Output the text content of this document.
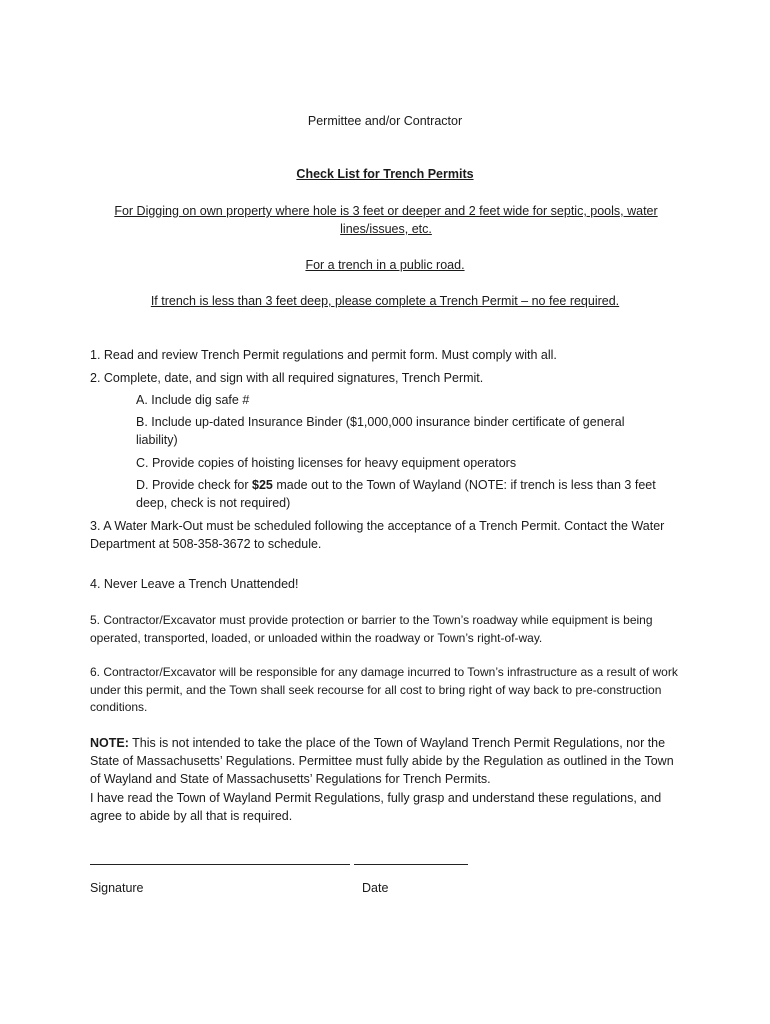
Permittee and/or Contractor
Check List for Trench Permits
For Digging on own property where hole is 3 feet or deeper and 2 feet wide for septic, pools, water lines/issues, etc.
For a trench in a public road.
If trench is less than 3 feet deep, please complete a Trench Permit – no fee required.
1. Read and review Trench Permit regulations and permit form. Must comply with all.
2. Complete, date, and sign with all required signatures, Trench Permit.
A. Include dig safe #
B. Include up-dated Insurance Binder ($1,000,000 insurance binder certificate of general liability)
C. Provide copies of hoisting licenses for heavy equipment operators
D. Provide check for $25 made out to the Town of Wayland (NOTE: if trench is less than 3 feet deep, check is not required)
3. A Water Mark-Out must be scheduled following the acceptance of a Trench Permit. Contact the Water Department at 508-358-3672 to schedule.
4. Never Leave a Trench Unattended!
5. Contractor/Excavator must provide protection or barrier to the Town’s roadway while equipment is being operated, transported, loaded, or unloaded within the roadway or Town’s right-of-way.
6. Contractor/Excavator will be responsible for any damage incurred to Town’s infrastructure as a result of work under this permit, and the Town shall seek recourse for all cost to bring right of way back to pre-construction conditions.
NOTE: This is not intended to take the place of the Town of Wayland Trench Permit Regulations, nor the State of Massachusetts’ Regulations. Permittee must fully abide by the Regulation as outlined in the Town of Wayland and State of Massachusetts’ Regulations for Trench Permits.
I have read the Town of Wayland Permit Regulations, fully grasp and understand these regulations, and agree to abide by all that is required.
Signature	Date
